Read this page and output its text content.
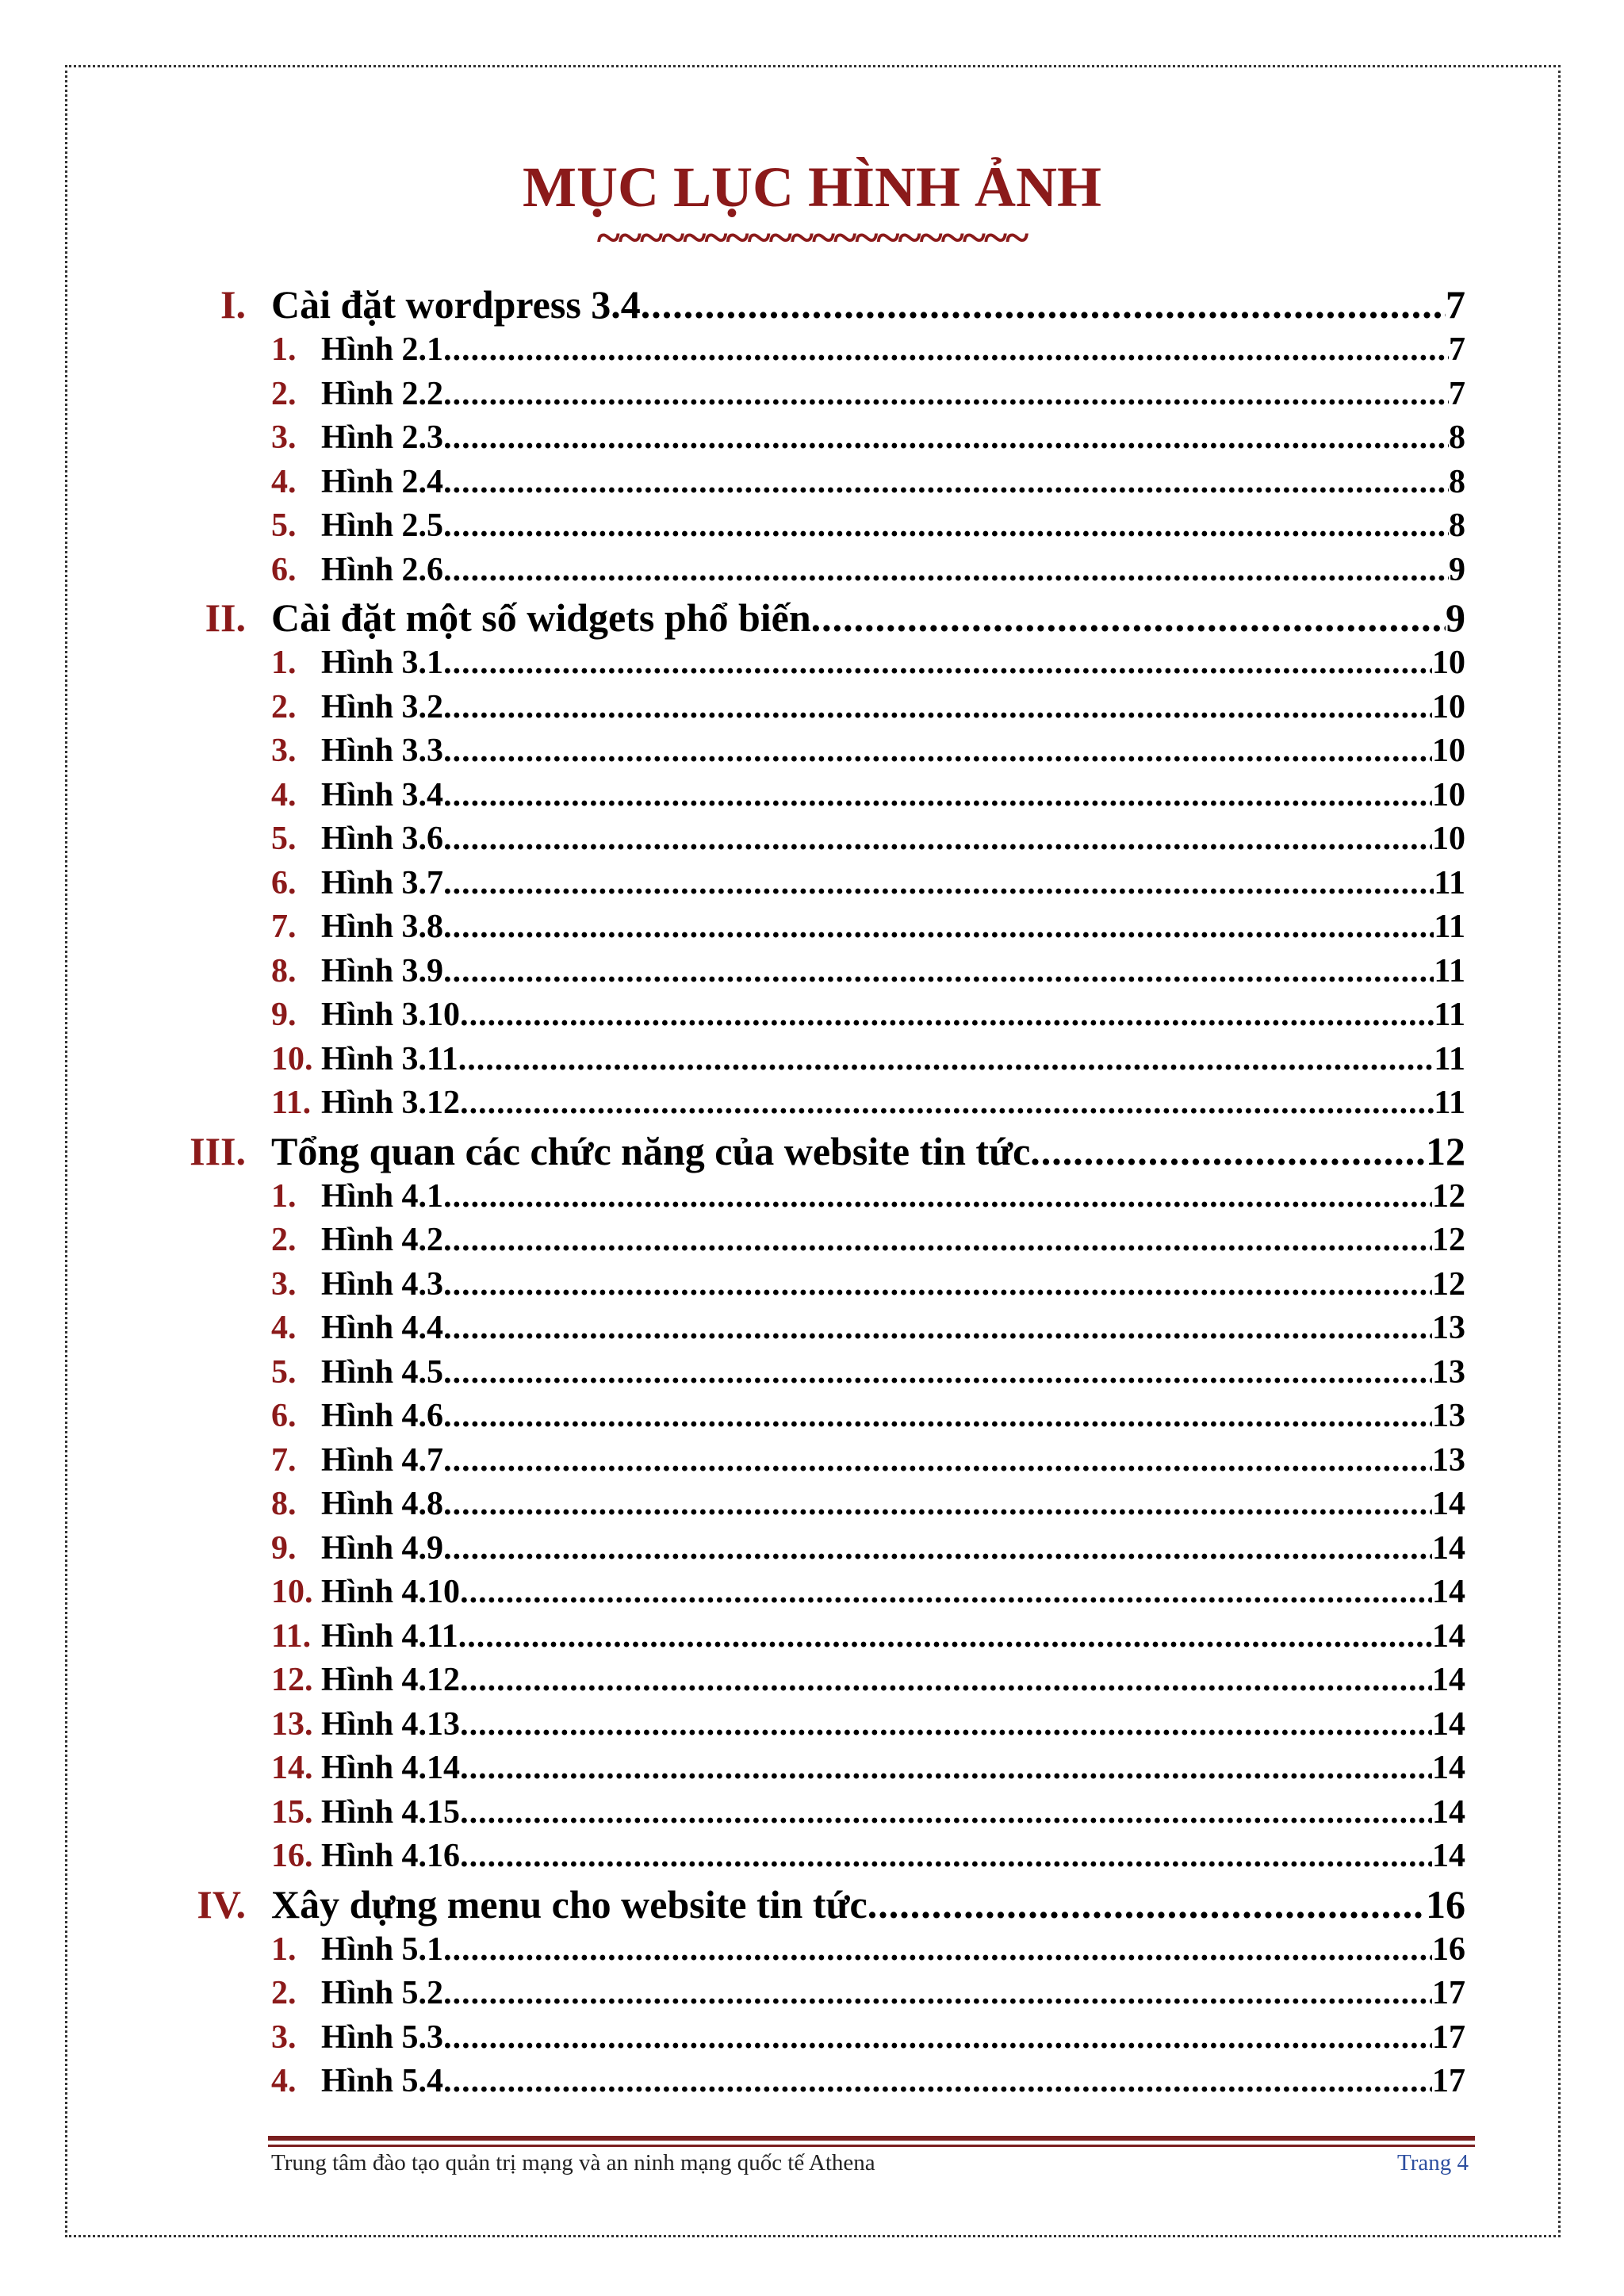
MỤC LỤC HÌNH ẢNH
~~~~~~~~~~~~~~~~~~~~
I. Cài đặt wordpress 3.4 .....	7
1. Hình 2.1 .....	7
2. Hình 2.2 .....	7
3. Hình 2.3 .....	8
4. Hình 2.4 .....	8
5. Hình 2.5 .....	8
6. Hình 2.6 .....	9
II. Cài đặt một số widgets phổ biến .....	9
1. Hình 3.1 .....	10
2. Hình 3.2 .....	10
3. Hình 3.3 .....	10
4. Hình 3.4 .....	10
5. Hình 3.6 .....	10
6. Hình 3.7 .....	11
7. Hình 3.8 .....	11
8. Hình 3.9 .....	11
9. Hình 3.10 .....	11
10. Hình 3.11 .....	11
11. Hình 3.12 .....	11
III. Tổng quan các chức năng của website tin tức .....	12
1. Hình 4.1 .....	12
2. Hình 4.2 .....	12
3. Hình 4.3 .....	12
4. Hình 4.4 .....	13
5. Hình 4.5 .....	13
6. Hình 4.6 .....	13
7. Hình 4.7 .....	13
8. Hình 4.8 .....	14
9. Hình 4.9 .....	14
10. Hình 4.10 .....	14
11. Hình 4.11 .....	14
12. Hình 4.12 .....	14
13. Hình 4.13 .....	14
14. Hình 4.14 .....	14
15. Hình 4.15 .....	14
16. Hình 4.16 .....	14
IV. Xây dựng menu cho website tin tức .....	16
1. Hình 5.1 .....	16
2. Hình 5.2 .....	17
3. Hình 5.3 .....	17
4. Hình 5.4 .....	17
Trung tâm đào tạo quản trị mạng và an ninh mạng quốc tế Athena	Trang 4
